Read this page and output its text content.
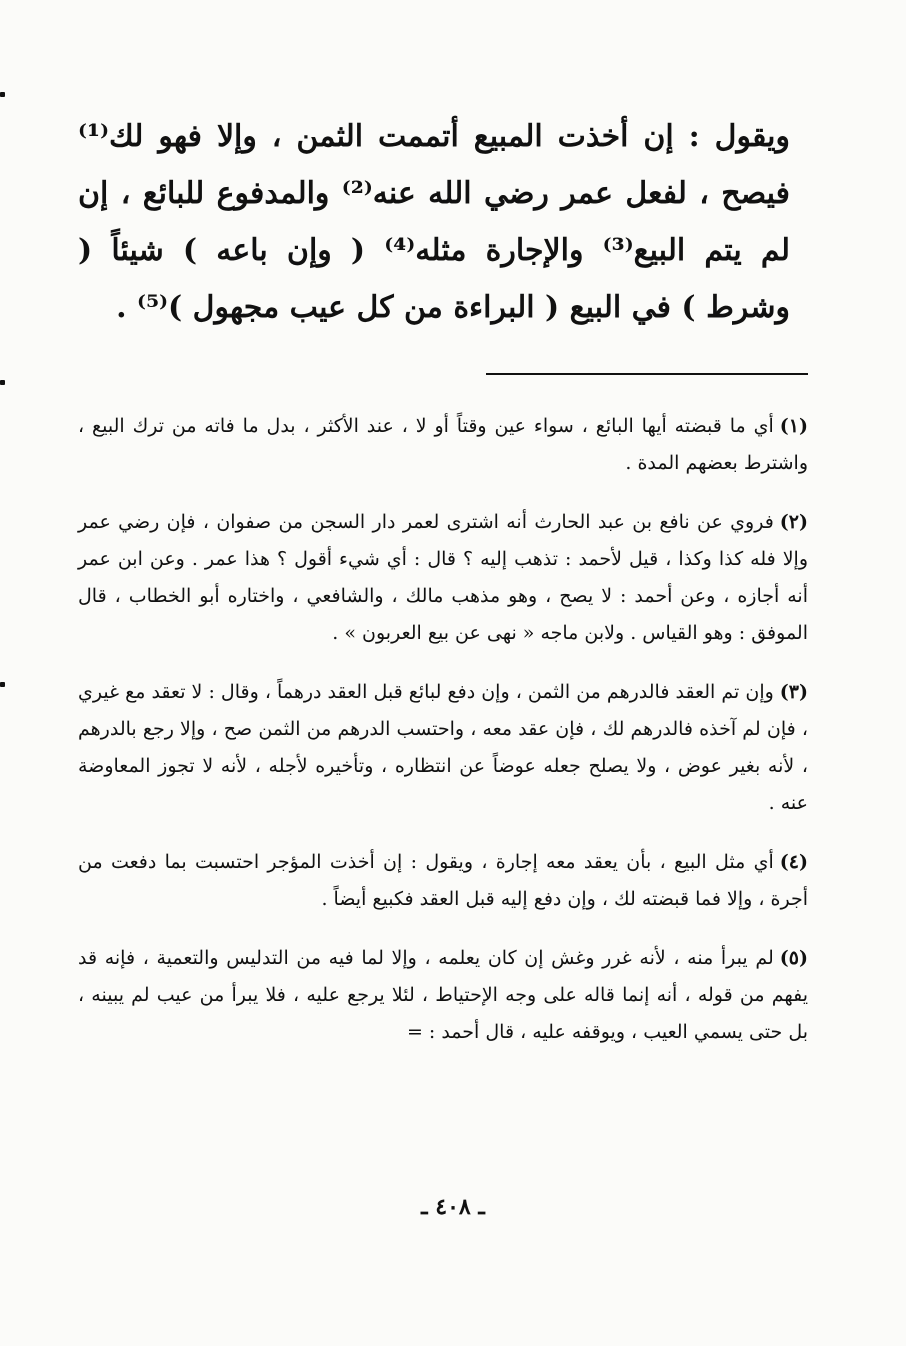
ويقول : إن أخذت المبيع أتممت الثمن ، وإلا فهو لك⁽¹⁾ فيصح ، لفعل عمر رضي الله عنه⁽²⁾ والمدفوع للبائع ، إن لم يتم البيع⁽³⁾ والإجارة مثله⁽⁴⁾ ( وإن باعه ) شيئاً ( وشرط ) في البيع ( البراءة من كل عيب مجهول )⁽⁵⁾ .

(١)أي ما قبضته أيها البائع ، سواء عين وقتاً أو لا ، عند الأكثر ، بدل ما فاته من ترك البيع ، واشترط بعضهم المدة .

(٢)فروي عن نافع بن عبد الحارث أنه اشترى لعمر دار السجن من صفوان ، فإن رضي عمر وإلا فله كذا وكذا ، قيل لأحمد : تذهب إليه ؟ قال : أي شيء أقول ؟ هذا عمر . وعن ابن عمر أنه أجازه ، وعن أحمد : لا يصح ، وهو مذهب مالك ، والشافعي ، واختاره أبو الخطاب ، قال الموفق : وهو القياس . ولابن ماجه « نهى عن بيع العربون » .

(٣)وإن تم العقد فالدرهم من الثمن ، وإن دفع لبائع قبل العقد درهماً ، وقال : لا تعقد مع غيري ، فإن لم آخذه فالدرهم لك ، فإن عقد معه ، واحتسب الدرهم من الثمن صح ، وإلا رجع بالدرهم ، لأنه بغير عوض ، ولا يصلح جعله عوضاً عن انتظاره ، وتأخيره لأجله ، لأنه لا تجوز المعاوضة عنه .

(٤)أي مثل البيع ، بأن يعقد معه إجارة ، ويقول : إن أخذت المؤجر احتسبت بما دفعت من أجرة ، وإلا فما قبضته لك ، وإن دفع إليه قبل العقد فكبيع أيضاً .

(٥)لم يبرأ منه ، لأنه غرر وغش إن كان يعلمه ، وإلا لما فيه من التدليس والتعمية ، فإنه قد يفهم من قوله ، أنه إنما قاله على وجه الإحتياط ، لئلا يرجع عليه ، فلا يبرأ من عيب لم يبينه ، بل حتى يسمي العيب ، ويوقفه عليه ، قال أحمد : =

ـ ٤٠٨ ـ
